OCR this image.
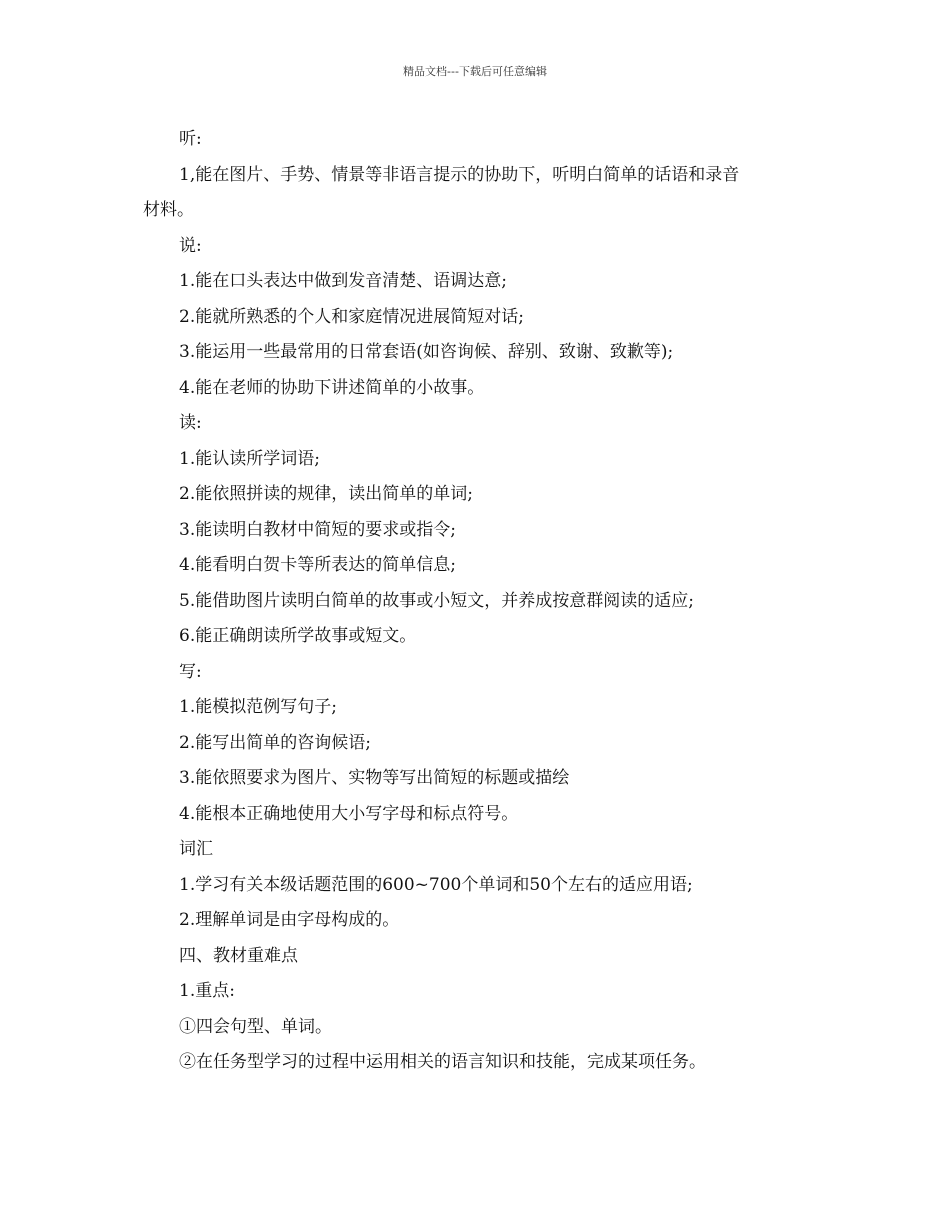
精品文档---下载后可任意编辑
听:
1,能在图片、手势、情景等非语言提示的协助下，听明白简单的话语和录音
材料。
说:
1.能在口头表达中做到发音清楚、语调达意;
2.能就所熟悉的个人和家庭情况进展简短对话;
3.能运用一些最常用的日常套语(如咨询候、辞别、致谢、致歉等);
4.能在老师的协助下讲述简单的小故事。
读:
1.能认读所学词语;
2.能依照拼读的规律，读出简单的单词;
3.能读明白教材中简短的要求或指令;
4.能看明白贺卡等所表达的简单信息;
5.能借助图片读明白简单的故事或小短文，并养成按意群阅读的适应;
6.能正确朗读所学故事或短文。
写:
1.能模拟范例写句子;
2.能写出简单的咨询候语;
3.能依照要求为图片、实物等写出简短的标题或描绘
4.能根本正确地使用大小写字母和标点符号。
词汇
1.学习有关本级话题范围的600~700个单词和50个左右的适应用语;
2.理解单词是由字母构成的。
四、教材重难点
1.重点:
①四会句型、单词。
②在任务型学习的过程中运用相关的语言知识和技能，完成某项任务。
